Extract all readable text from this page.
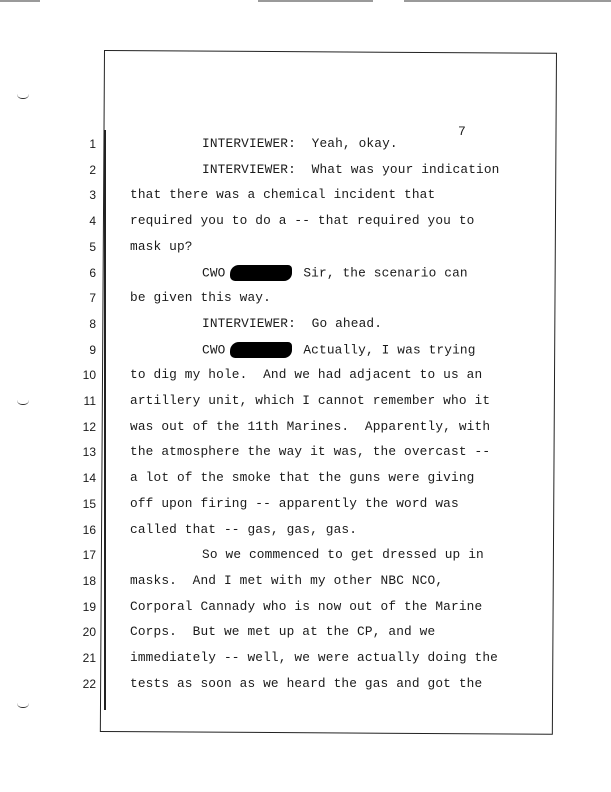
7
1	INTERVIEWER:  Yeah, okay.
2	INTERVIEWER:  What was your indication
3	that there was a chemical incident that
4	required you to do a -- that required you to
5	mask up?
6	CWO	Sir, the scenario can
7	be given this way.
8	INTERVIEWER:  Go ahead.
9	CWO	Actually, I was trying
10	to dig my hole.  And we had adjacent to us an
11	artillery unit, which I cannot remember who it
12	was out of the 11th Marines.  Apparently, with
13	the atmosphere the way it was, the overcast --
14	a lot of the smoke that the guns were giving
15	off upon firing -- apparently the word was
16	called that -- gas, gas, gas.
17	So we commenced to get dressed up in
18	masks.  And I met with my other NBC NCO,
19	Corporal Cannady who is now out of the Marine
20	Corps.  But we met up at the CP, and we
21	immediately -- well, we were actually doing the
22	tests as soon as we heard the gas and got the
